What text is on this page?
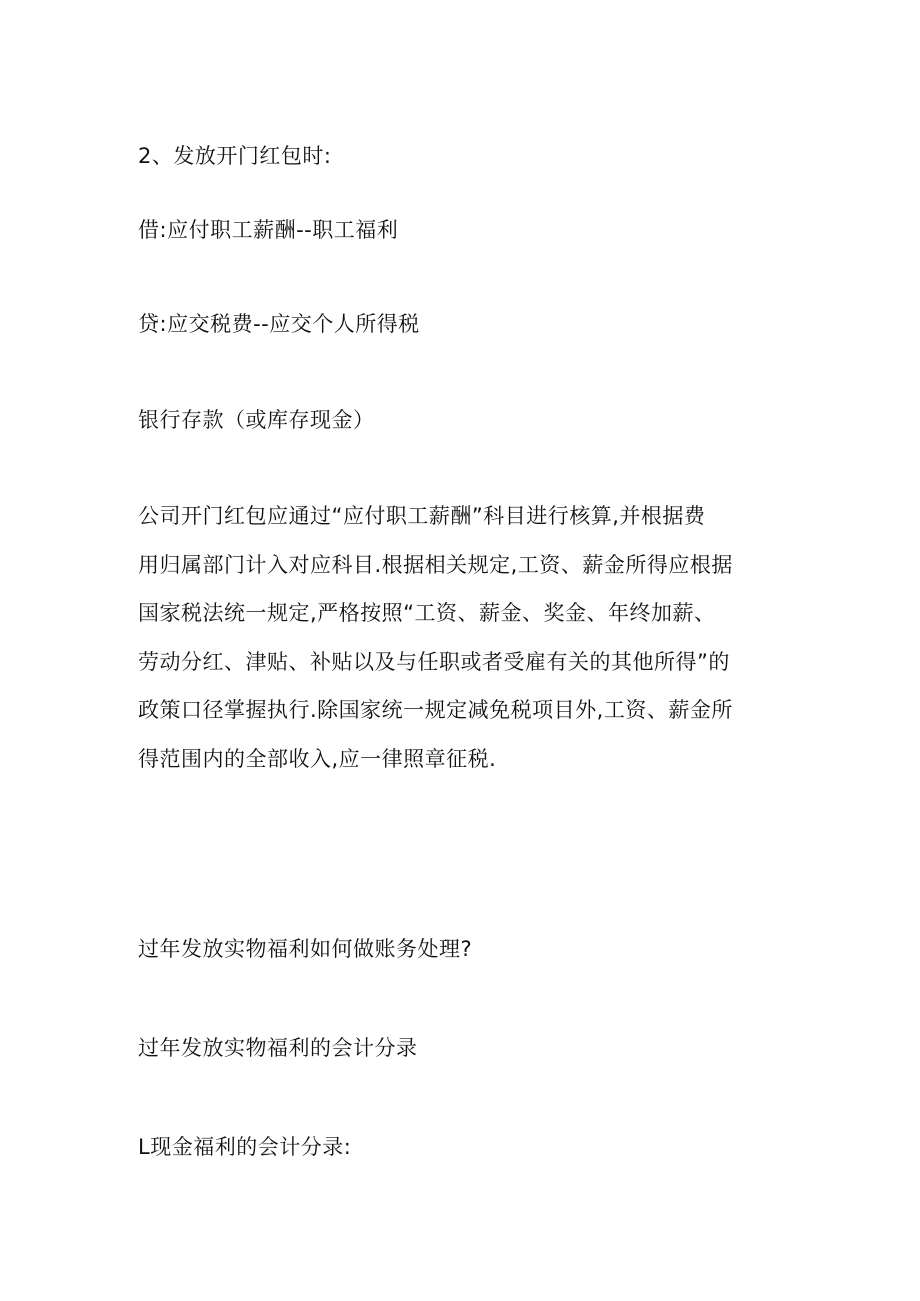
2、发放开门红包时:
借:应付职工薪酬--职工福利
贷:应交税费--应交个人所得税
银行存款（或库存现金）
公司开门红包应通过“应付职工薪酬”科目进行核算,并根据费
用归属部门计入对应科目.根据相关规定,工资、薪金所得应根据
国家税法统一规定,严格按照“工资、薪金、奖金、年终加薪、
劳动分红、津贴、补贴以及与任职或者受雇有关的其他所得”的
政策口径掌握执行.除国家统一规定减免税项目外,工资、薪金所
得范围内的全部收入,应一律照章征税.
过年发放实物福利如何做账务处理?
过年发放实物福利的会计分录
L现金福利的会计分录:
